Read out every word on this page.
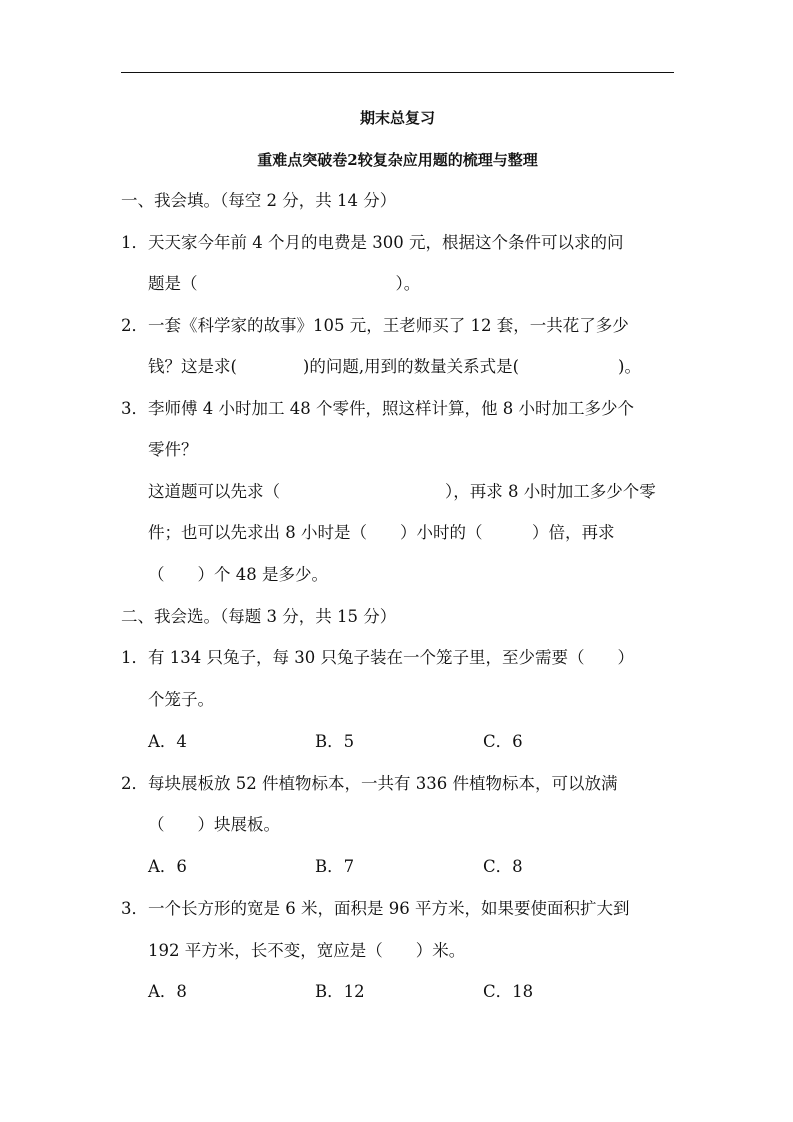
期末总复习
重难点突破卷2较复杂应用题的梳理与整理
一、我会填。（每空 2 分，共 14 分）
1．天天家今年前 4 个月的电费是 300 元，根据这个条件可以求的问
题是（　　　　　　　　　　　　）。
2．一套《科学家的故事》105 元，王老师买了 12 套，一共花了多少
钱？这是求(　　　　)的问题,用到的数量关系式是(　　　　　　)。
3．李师傅 4 小时加工 48 个零件，照这样计算，他 8 小时加工多少个
零件？
这道题可以先求（　　　　　　　　　　），再求 8 小时加工多少个零
件；也可以先求出 8 小时是（　　）小时的（　　　）倍，再求
（　　）个 48 是多少。
二、我会选。（每题 3 分，共 15 分）
1．有 134 只兔子，每 30 只兔子装在一个笼子里，至少需要（　　）
个笼子。
A．4	B．5	C．6
2．每块展板放 52 件植物标本，一共有 336 件植物标本，可以放满
（　　）块展板。
A．6	B．7	C．8
3．一个长方形的宽是 6 米，面积是 96 平方米，如果要使面积扩大到
192 平方米，长不变，宽应是（　　）米。
A．8	B．12	C．18
